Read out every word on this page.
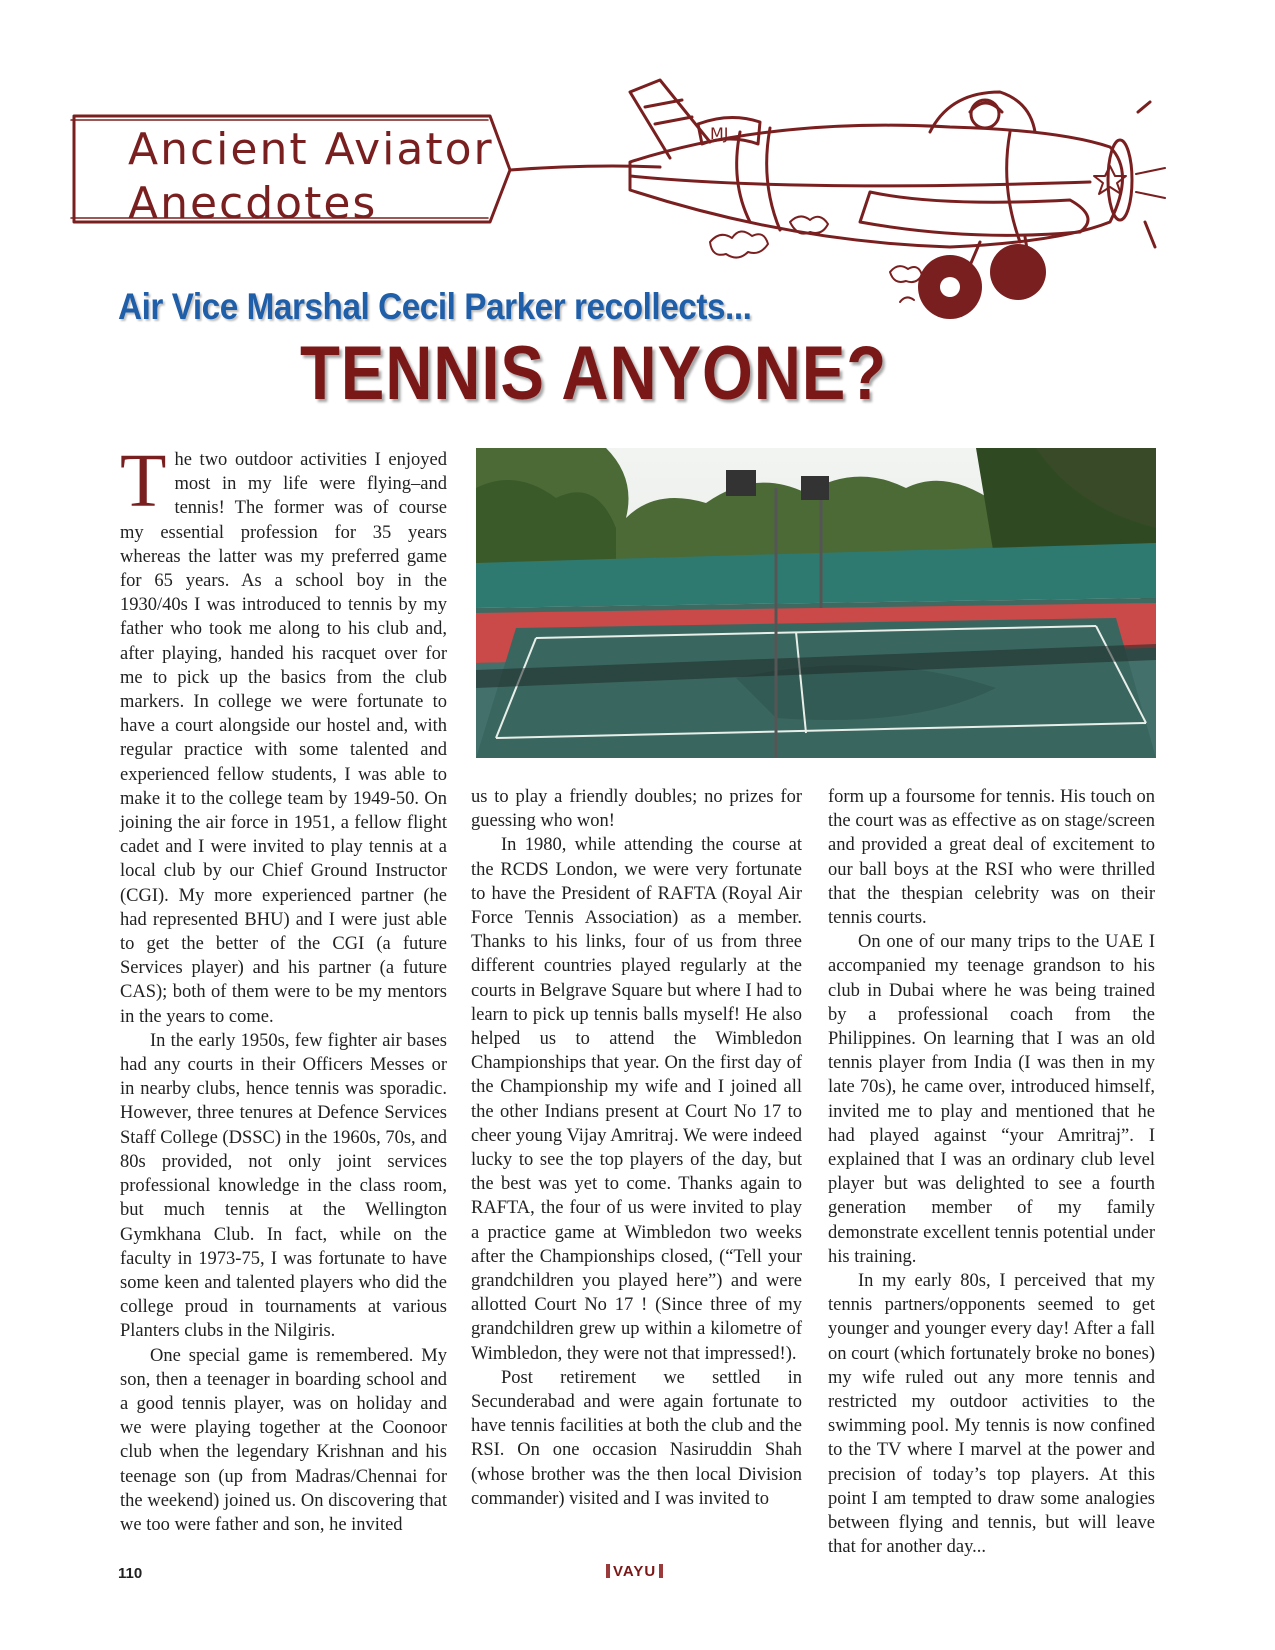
MJ
Ancient Aviator
Anecdotes
Air Vice Marshal Cecil Parker recollects...
TENNIS ANYONE?

The two outdoor activities I enjoyed most in my life were flying–and tennis! The former was of course my essential profession for 35 years whereas the latter was my preferred game for 65 years. As a school boy in the 1930/40s I was introduced to tennis by my father who took me along to his club and, after playing, handed his racquet over for me to pick up the basics from the club markers. In college we were fortunate to have a court alongside our hostel and, with regular practice with some talented and experienced fellow students, I was able to make it to the college team by 1949-50. On joining the air force in 1951, a fellow flight cadet and I were invited to play tennis at a local club by our Chief Ground Instructor (CGI). My more experienced partner (he had represented BHU) and I were just able to get the better of the CGI (a future Services player) and his partner (a future CAS); both of them were to be my mentors in the years to come.

In the early 1950s, few fighter air bases had any courts in their Officers Messes or in nearby clubs, hence tennis was sporadic. However, three tenures at Defence Services Staff College (DSSC) in the 1960s, 70s, and 80s provided, not only joint services professional knowledge in the class room, but much tennis at the Wellington Gymkhana Club. In fact, while on the faculty in 1973-75, I was fortunate to have some keen and talented players who did the college proud in tournaments at various Planters clubs in the Nilgiris.

One special game is remembered. My son, then a teenager in boarding school and a good tennis player, was on holiday and we were playing together at the Coonoor club when the legendary Krishnan and his teenage son (up from Madras/Chennai for the weekend) joined us. On discovering that we too were father and son, he invited

us to play a friendly doubles; no prizes for guessing who won!

In 1980, while attending the course at the RCDS London, we were very fortunate to have the President of RAFTA (Royal Air Force Tennis Association) as a member. Thanks to his links, four of us from three different countries played regularly at the courts in Belgrave Square but where I had to learn to pick up tennis balls myself! He also helped us to attend the Wimbledon Championships that year. On the first day of the Championship my wife and I joined all the other Indians present at Court No 17 to cheer young Vijay Amritraj. We were indeed lucky to see the top players of the day, but the best was yet to come. Thanks again to RAFTA, the four of us were invited to play a practice game at Wimbledon two weeks after the Championships closed, (“Tell your grandchildren you played here”) and were allotted Court No 17 ! (Since three of my grandchildren grew up within a kilometre of Wimbledon, they were not that impressed!).

Post retirement we settled in Secunderabad and were again fortunate to have tennis facilities at both the club and the RSI. On one occasion Nasiruddin Shah (whose brother was the then local Division commander) visited and I was invited to

form up a foursome for tennis. His touch on the court was as effective as on stage/screen and provided a great deal of excitement to our ball boys at the RSI who were thrilled that the thespian celebrity was on their tennis courts.

On one of our many trips to the UAE I accompanied my teenage grandson to his club in Dubai where he was being trained by a professional coach from the Philippines. On learning that I was an old tennis player from India (I was then in my late 70s), he came over, introduced himself, invited me to play and mentioned that he had played against “your Amritraj”. I explained that I was an ordinary club level player but was delighted to see a fourth generation member of my family demonstrate excellent tennis potential under his training.

In my early 80s, I perceived that my tennis partners/opponents seemed to get younger and younger every day! After a fall on court (which fortunately broke no bones) my wife ruled out any more tennis and restricted my outdoor activities to the swimming pool. My tennis is now confined to the TV where I marvel at the power and precision of today’s top players. At this point I am tempted to draw some analogies between flying and tennis, but will leave that for another day...

110	VAYU
